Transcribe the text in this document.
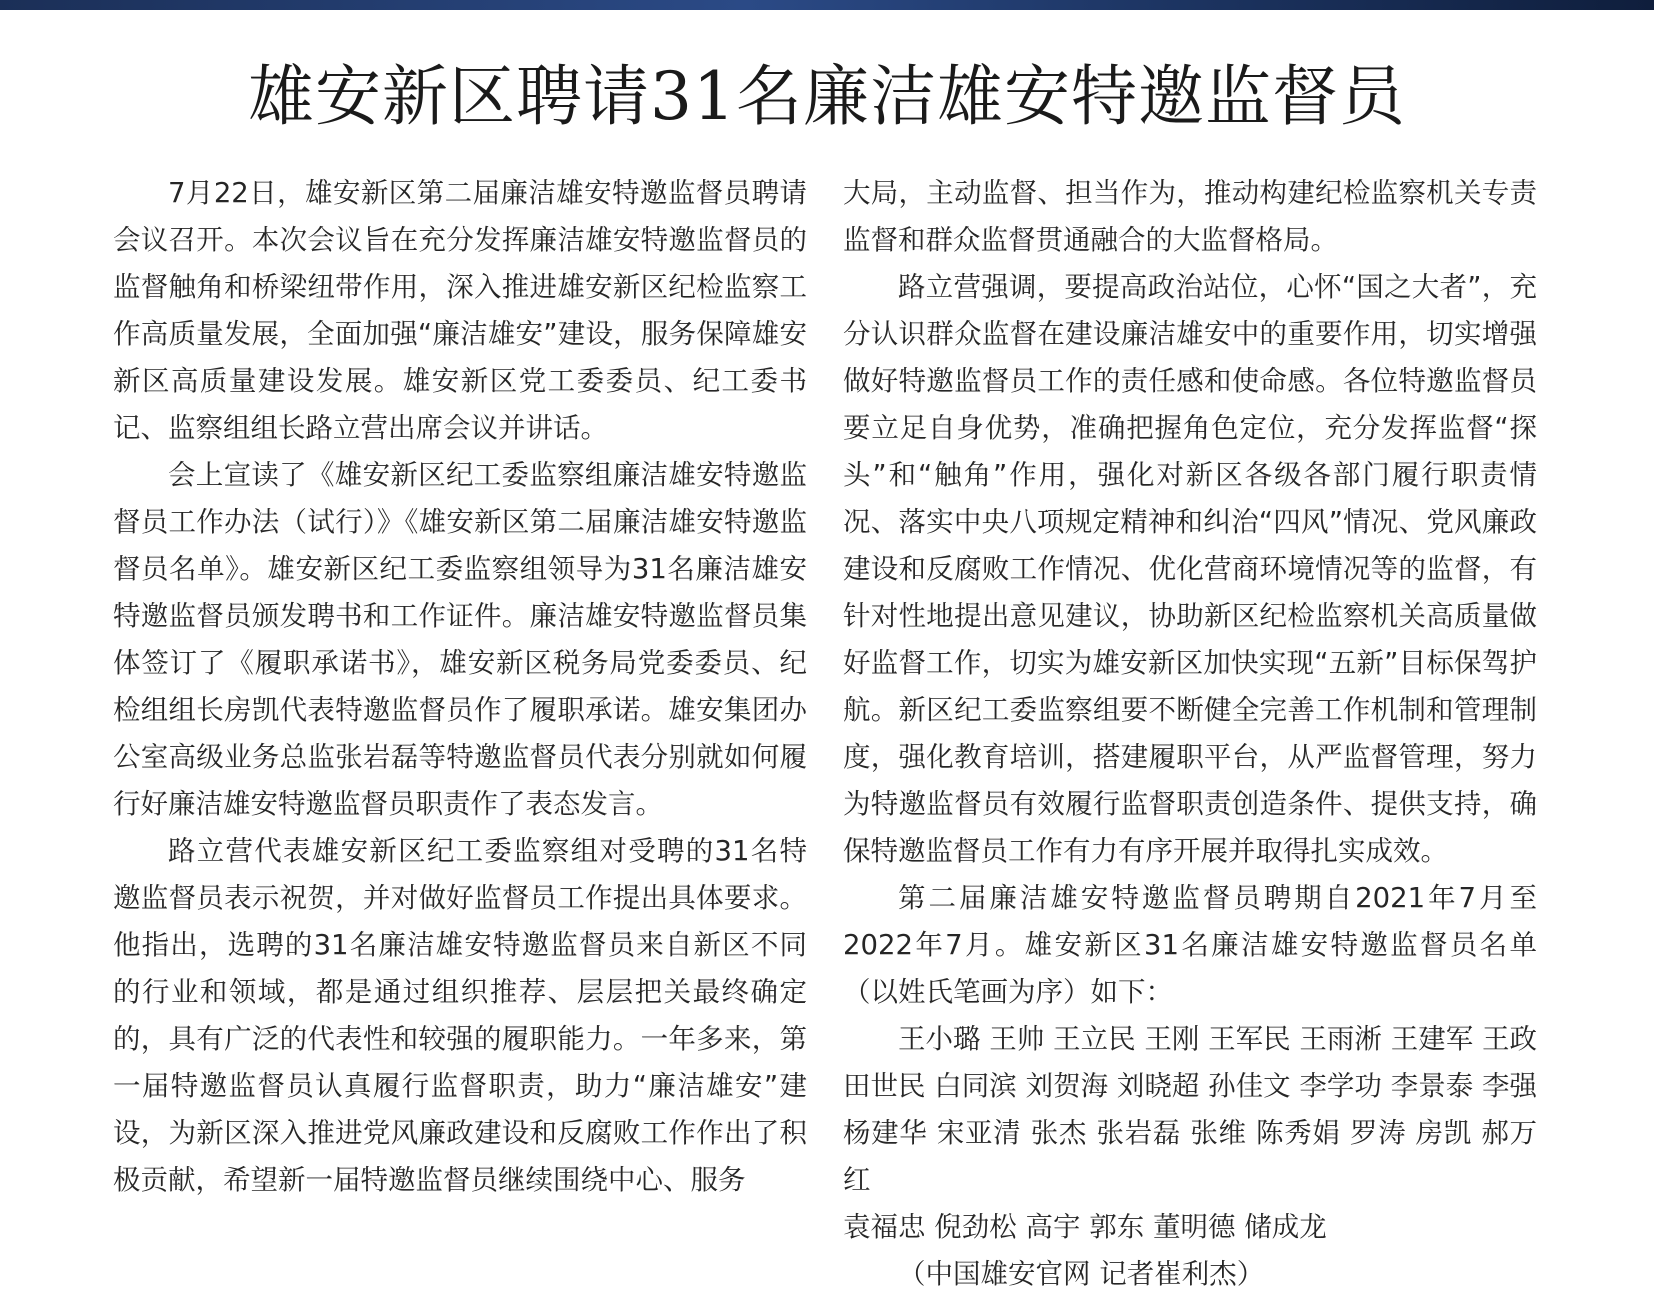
雄安新区聘请31名廉洁雄安特邀监督员

7月22日，雄安新区第二届廉洁雄安特邀监督员聘请会议召开。本次会议旨在充分发挥廉洁雄安特邀监督员的监督触角和桥梁纽带作用，深入推进雄安新区纪检监察工作高质量发展，全面加强“廉洁雄安”建设，服务保障雄安新区高质量建设发展。雄安新区党工委委员、纪工委书记、监察组组长路立营出席会议并讲话。

会上宣读了《雄安新区纪工委监察组廉洁雄安特邀监督员工作办法（试行）》《雄安新区第二届廉洁雄安特邀监督员名单》。雄安新区纪工委监察组领导为31名廉洁雄安特邀监督员颁发聘书和工作证件。廉洁雄安特邀监督员集体签订了《履职承诺书》，雄安新区税务局党委委员、纪检组组长房凯代表特邀监督员作了履职承诺。雄安集团办公室高级业务总监张岩磊等特邀监督员代表分别就如何履行好廉洁雄安特邀监督员职责作了表态发言。

路立营代表雄安新区纪工委监察组对受聘的31名特邀监督员表示祝贺，并对做好监督员工作提出具体要求。他指出，选聘的31名廉洁雄安特邀监督员来自新区不同的行业和领域，都是通过组织推荐、层层把关最终确定的，具有广泛的代表性和较强的履职能力。一年多来，第一届特邀监督员认真履行监督职责，助力“廉洁雄安”建设，为新区深入推进党风廉政建设和反腐败工作作出了积极贡献，希望新一届特邀监督员继续围绕中心、服务

大局，主动监督、担当作为，推动构建纪检监察机关专责监督和群众监督贯通融合的大监督格局。

路立营强调，要提高政治站位，心怀“国之大者”，充分认识群众监督在建设廉洁雄安中的重要作用，切实增强做好特邀监督员工作的责任感和使命感。各位特邀监督员要立足自身优势，准确把握角色定位，充分发挥监督“探头”和“触角”作用，强化对新区各级各部门履行职责情况、落实中央八项规定精神和纠治“四风”情况、党风廉政建设和反腐败工作情况、优化营商环境情况等的监督，有针对性地提出意见建议，协助新区纪检监察机关高质量做好监督工作，切实为雄安新区加快实现“五新”目标保驾护航。新区纪工委监察组要不断健全完善工作机制和管理制度，强化教育培训，搭建履职平台，从严监督管理，努力为特邀监督员有效履行监督职责创造条件、提供支持，确保特邀监督员工作有力有序开展并取得扎实成效。

第二届廉洁雄安特邀监督员聘期自2021年7月至2022年7月。雄安新区31名廉洁雄安特邀监督员名单（以姓氏笔画为序）如下：

王小璐 王帅 王立民 王刚 王军民 王雨淅 王建军 王政

田世民 白同滨 刘贺海 刘晓超 孙佳文 李学功 李景泰 李强

杨建华 宋亚清 张杰 张岩磊 张维 陈秀娟 罗涛 房凯 郝万红

袁福忠 倪劲松 高宇 郭东 董明德 储成龙

（中国雄安官网 记者崔利杰）
